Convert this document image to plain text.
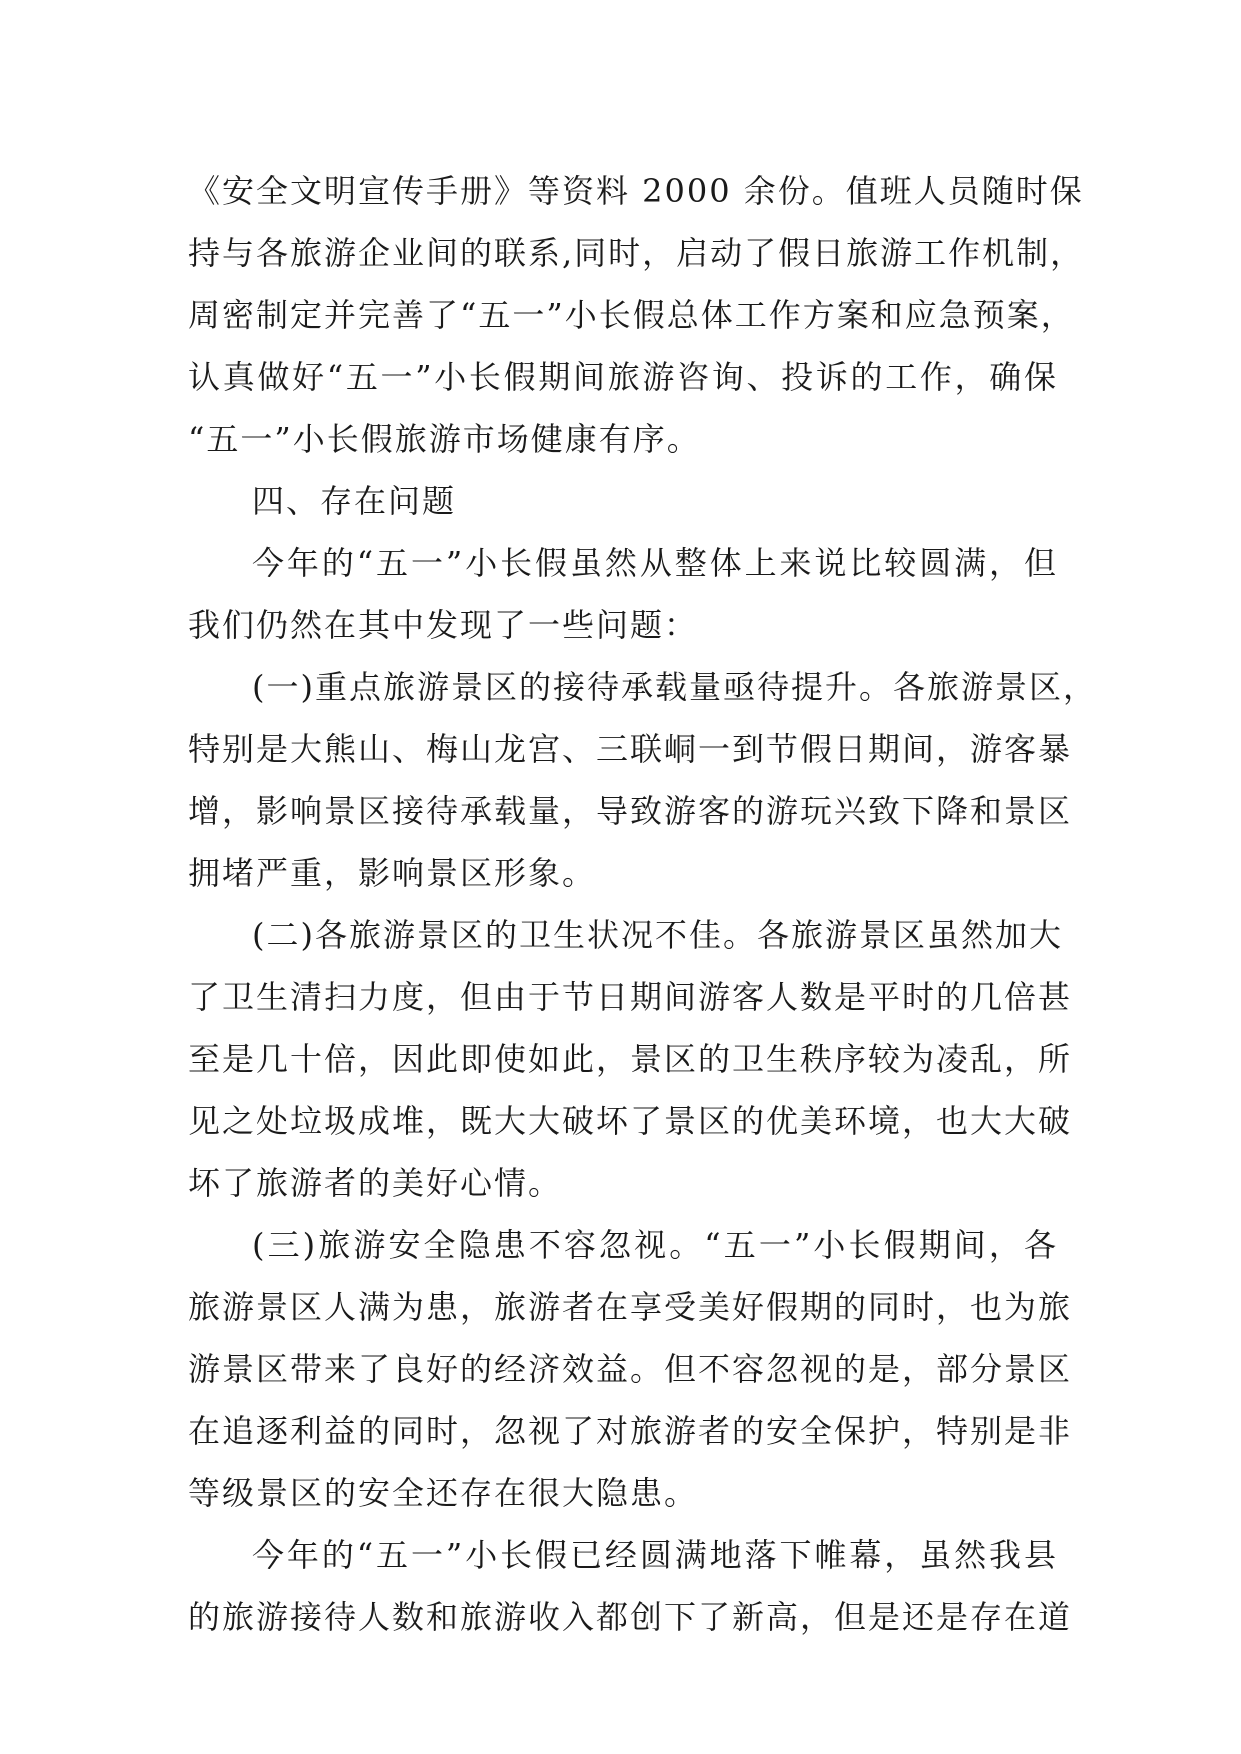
《安全文明宣传手册》等资料 2000 余份。值班人员随时保
持与各旅游企业间的联系,同时，启动了假日旅游工作机制，
周密制定并完善了“五一”小长假总体工作方案和应急预案，
认真做好“五一”小长假期间旅游咨询、投诉的工作，确保
“五一”小长假旅游市场健康有序。
四、存在问题
今年的“五一”小长假虽然从整体上来说比较圆满，但
我们仍然在其中发现了一些问题：
(一)重点旅游景区的接待承载量亟待提升。各旅游景区，
特别是大熊山、梅山龙宫、三联峒一到节假日期间，游客暴
增，影响景区接待承载量，导致游客的游玩兴致下降和景区
拥堵严重，影响景区形象。
(二)各旅游景区的卫生状况不佳。各旅游景区虽然加大
了卫生清扫力度，但由于节日期间游客人数是平时的几倍甚
至是几十倍，因此即使如此，景区的卫生秩序较为凌乱，所
见之处垃圾成堆，既大大破坏了景区的优美环境，也大大破
坏了旅游者的美好心情。
(三)旅游安全隐患不容忽视。“五一”小长假期间，各
旅游景区人满为患，旅游者在享受美好假期的同时，也为旅
游景区带来了良好的经济效益。但不容忽视的是，部分景区
在追逐利益的同时，忽视了对旅游者的安全保护，特别是非
等级景区的安全还存在很大隐患。
今年的“五一”小长假已经圆满地落下帷幕，虽然我县
的旅游接待人数和旅游收入都创下了新高，但是还是存在道
